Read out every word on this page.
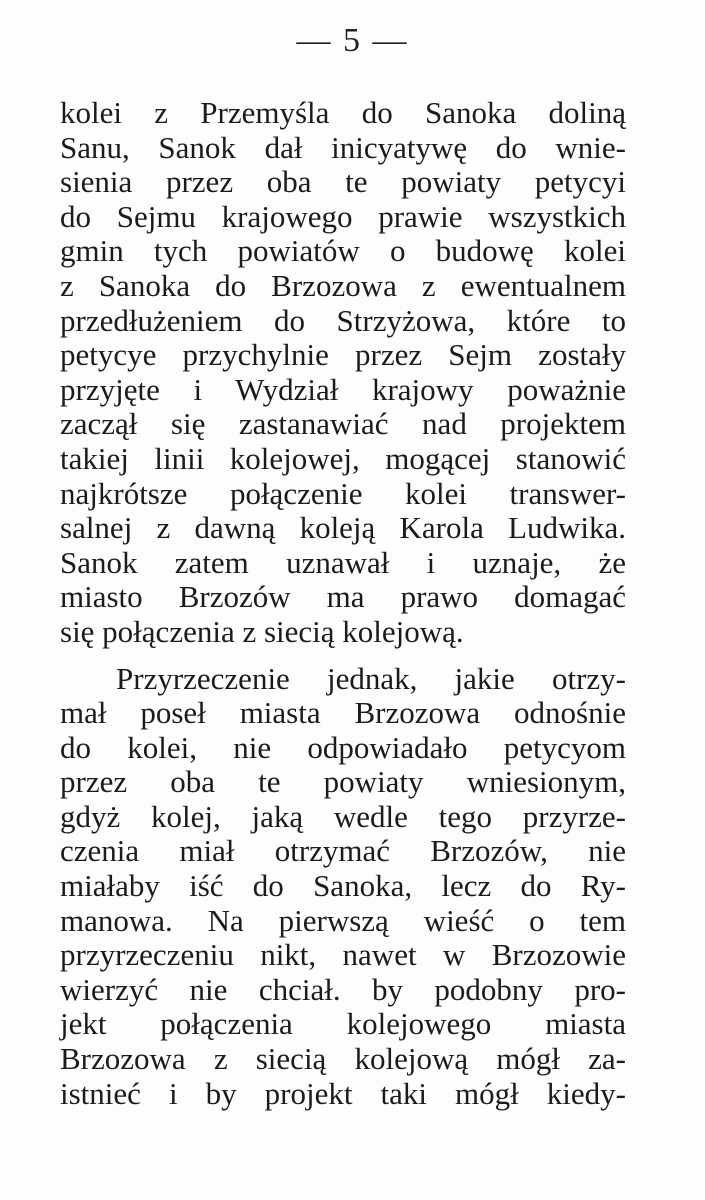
— 5 —
kolei z Przemyśla do Sanoka doliną
Sanu, Sanok dał inicyatywę do wnie-
sienia przez oba te powiaty petycyi
do Sejmu krajowego prawie wszystkich
gmin tych powiatów o budowę kolei
z Sanoka do Brzozowa z ewentualnem
przedłużeniem do Strzyżowa, które to
petycye przychylnie przez Sejm zostały
przyjęte i Wydział krajowy poważnie
zaczął się zastanawiać nad projektem
takiej linii kolejowej, mogącej stanowić
najkrótsze połączenie kolei transwer-
salnej z dawną koleją Karola Ludwika.
Sanok zatem uznawał i uznaje, że
miasto Brzozów ma prawo domagać
się połączenia z siecią kolejową.
Przyrzeczenie jednak, jakie otrzy-
mał poseł miasta Brzozowa odnośnie
do kolei, nie odpowiadało petycyom
przez oba te powiaty wniesionym,
gdyż kolej, jaką wedle tego przyrze-
czenia miał otrzymać Brzozów, nie
miałaby iść do Sanoka, lecz do Ry-
manowa. Na pierwszą wieść o tem
przyrzeczeniu nikt, nawet w Brzozowie
wierzyć nie chciał. by podobny pro-
jekt połączenia kolejowego miasta
Brzozowa z siecią kolejową mógł za-
istnieć i by projekt taki mógł kiedy-
